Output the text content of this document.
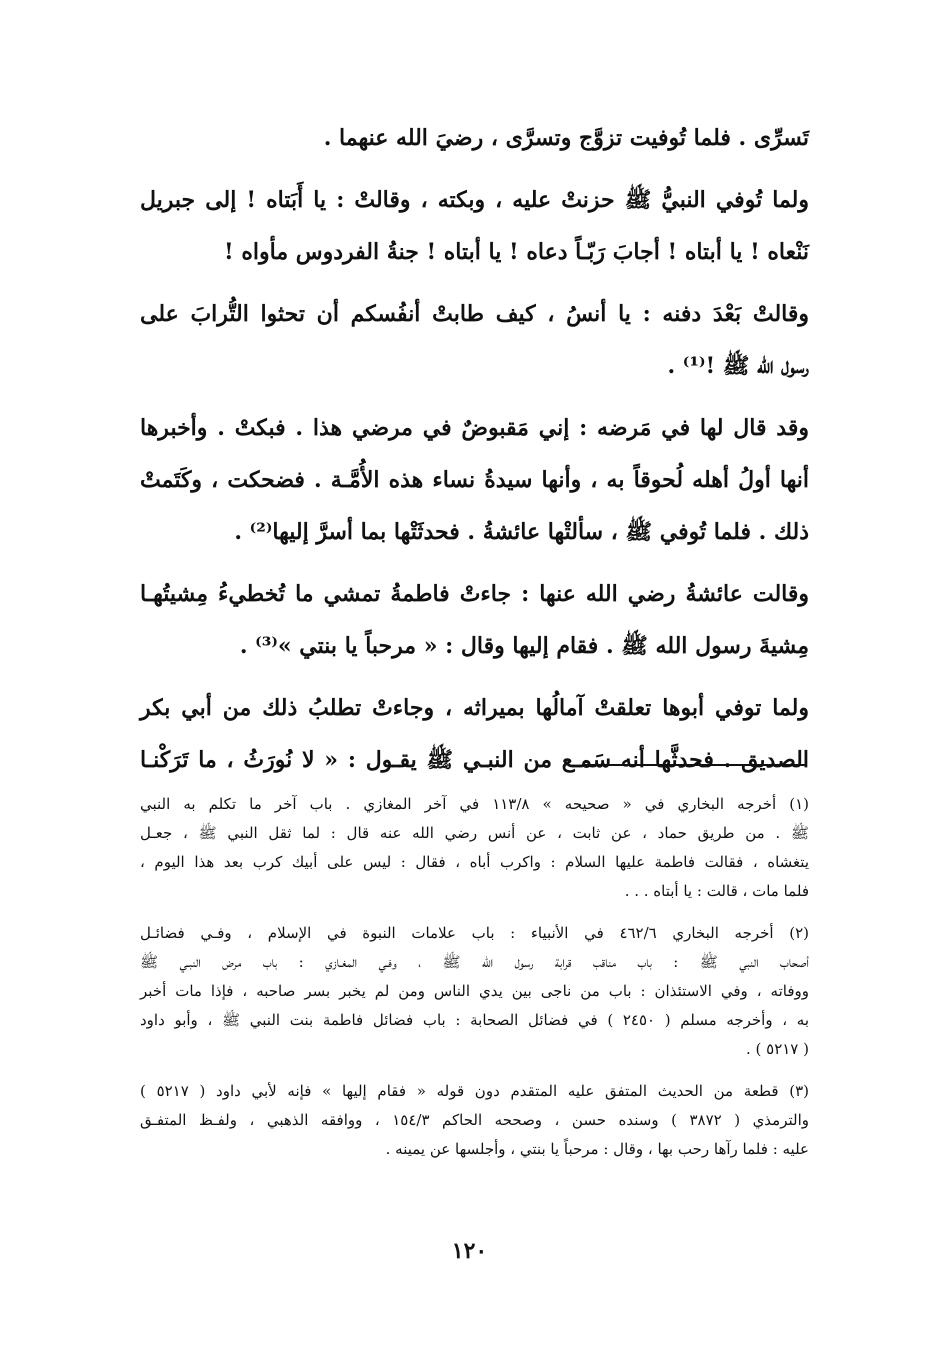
تَسرِّى . فلما تُوفيت تزوَّج وتسرَّى ، رضيَ الله عنهما .

ولما تُوفي النبيُّ ﷺ حزنتْ عليه ، وبكته ، وقالتْ : يا أَبَتاه ! إلى جبريل
نَنْعاه ! يا أبتاه ! أجابَ رَبّـاً دعاه ! يا أبتاه ! جنةُ الفردوس مأواه !

وقالتْ بَعْدَ دفنه : يا أنسُ ، كيف طابتْ أنفُسكم أن تحثوا التُّرابَ على
رسول الله ﷺ !⁽¹⁾ .

وقد قال لها في مَرضه : إني مَقبوضٌ في مرضي هذا . فبكتْ . وأخبرها
أنها أولُ أهله لُحوقاً به ، وأنها سيدةُ نساء هذه الأُمَّـة . فضحكت ، وكَتَمتْ
ذلك . فلما تُوفي ﷺ ، سألتْها عائشةُ . فحدثَتْها بما أسرَّ إليها⁽²⁾ .

وقالت عائشةُ رضي الله عنها : جاءتْ فاطمةُ تمشي ما تُخطيءُ مِشيتُهـا
مِشيةَ رسول الله ﷺ . فقام إليها وقال : « مرحباً يا بنتي »⁽³⁾ .

ولما توفي أبوها تعلقتْ آمالُها بميراثه ، وجاءتْ تطلبُ ذلك من أبي بكر
الصديق . فحدثَّها أنه سَمـع من النبـي ﷺ يقـول : « لا نُورَثُ ، ما تَرَكْنـا

(١) أخرجه البخاري في « صحيحه » ١١٣/٨ في آخر المغازي . باب آخر ما تكلم به النبي
ﷺ . من طريق حماد ، عن ثابت ، عن أنس رضي الله عنه قال : لما ثقل النبي ﷺ ، جعـل
يتغشاه ، فقالت فاطمة عليها السلام : واكرب أباه ، فقال : ليس على أبيك كرب بعد هذا اليوم ،
فلما مات ، قالت : يا أبتاه . . .

(٢) أخرجه البخاري ٤٦٢/٦ في الأنبياء : باب علامات النبوة في الإسلام ، وفـي فضائـل
أصحاب النبي ﷺ : باب مناقب قرابة رسول الله ﷺ ، وفـي المغـازي : باب مرض النبـي ﷺ
ووفاته ، وفي الاستئذان : باب من ناجى بين يدي الناس ومن لم يخبر بسر صاحبه ، فإذا مات أخبر
به ، وأخرجه مسلم ( ٢٤٥٠ ) في فضائل الصحابة : باب فضائل فاطمة بنت النبي ﷺ ، وأبو داود
( ٥٢١٧ ) .

(٣) قطعة من الحديث المتفق عليه المتقدم دون قوله « فقام إليها » فإنه لأبي داود ( ٥٢١٧ )
والترمذي ( ٣٨٧٢ ) وسنده حسن ، وصححه الحاكم ١٥٤/٣ ، ووافقه الذهبي ، ولفـظ المتفـق
عليه : فلما رآها رحب بها ، وقال : مرحباً يا بنتي ، وأجلسها عن يمينه .

١٢٠
